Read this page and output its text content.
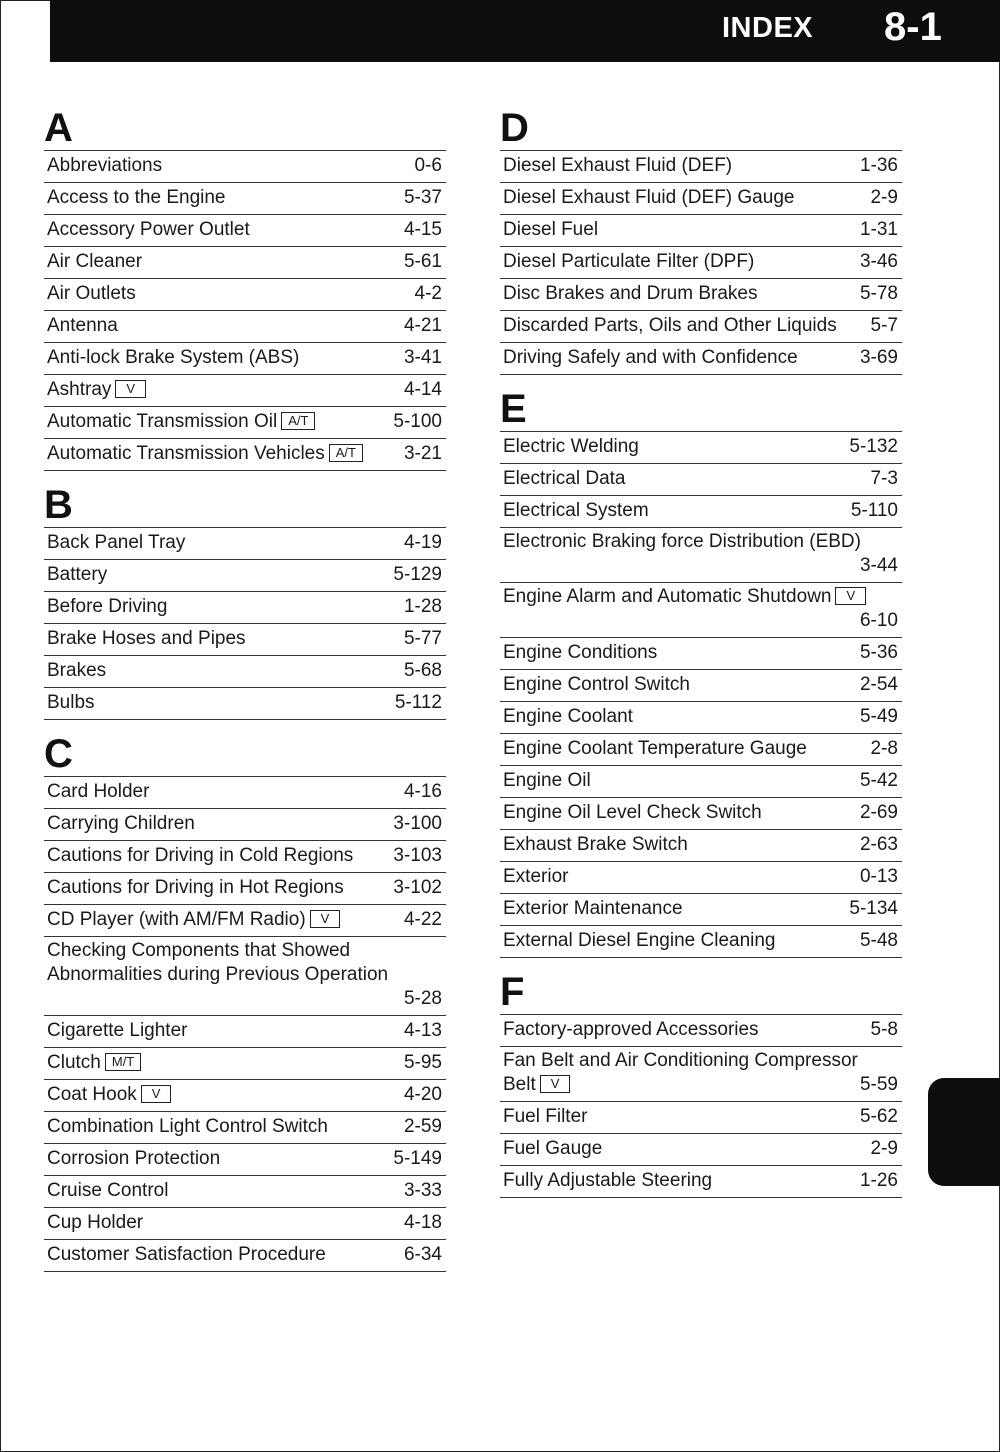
INDEX 8-1
A
Abbreviations	0-6
Access to the Engine	5-37
Accessory Power Outlet	4-15
Air Cleaner	5-61
Air Outlets	4-2
Antenna	4-21
Anti-lock Brake System (ABS)	3-41
Ashtray V	4-14
Automatic Transmission Oil A/T	5-100
Automatic Transmission Vehicles A/T	3-21
B
Back Panel Tray	4-19
Battery	5-129
Before Driving	1-28
Brake Hoses and Pipes	5-77
Brakes	5-68
Bulbs	5-112
C
Card Holder	4-16
Carrying Children	3-100
Cautions for Driving in Cold Regions 3-103
Cautions for Driving in Hot Regions	3-102
CD Player (with AM/FM Radio) V	4-22
Checking Components that Showed Abnormalities during Previous Operation
5-28
Cigarette Lighter	4-13
Clutch M/T	5-95
Coat Hook V	4-20
Combination Light Control Switch	2-59
Corrosion Protection	5-149
Cruise Control	3-33
Cup Holder	4-18
Customer Satisfaction Procedure	6-34
D
Diesel Exhaust Fluid (DEF)	1-36
Diesel Exhaust Fluid (DEF) Gauge	2-9
Diesel Fuel	1-31
Diesel Particulate Filter (DPF)	3-46
Disc Brakes and Drum Brakes	5-78
Discarded Parts, Oils and Other Liquids 5-7
Driving Safely and with Confidence	3-69
E
Electric Welding	5-132
Electrical Data	7-3
Electrical System	5-110
Electronic Braking force Distribution (EBD)
3-44
Engine Alarm and Automatic Shutdown V
6-10
Engine Conditions	5-36
Engine Control Switch	2-54
Engine Coolant	5-49
Engine Coolant Temperature Gauge	2-8
Engine Oil	5-42
Engine Oil Level Check Switch	2-69
Exhaust Brake Switch	2-63
Exterior	0-13
Exterior Maintenance	5-134
External Diesel Engine Cleaning	5-48
F
Factory-approved Accessories	5-8
Fan Belt and Air Conditioning Compressor
Belt V	5-59
Fuel Filter	5-62
Fuel Gauge	2-9
Fully Adjustable Steering	1-26
